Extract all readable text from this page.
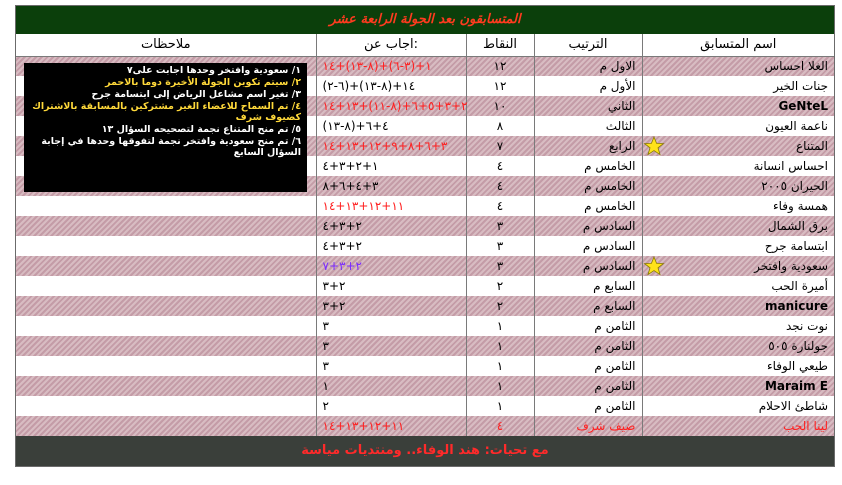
المتسابقون بعد الجولة الرابعة عشر
ملاحظات	اجاب عن:	النقاط	الترتيب	اسم المتسابق
	١+(٣-٦)+(٨-١٣)+١٤	١٢	الاول م	الغلا احساس
	(٦-٢)+(٨-١٣)+١٤	١٢	الأول م	جنات الخير
	٢+٣+٥+٦+(٨-١١)+١٣+١٤	١٠	الثاني	GeNteL
	٤+٦+(٨-١٣)	٨	الثالث	ناعمة العيون
	٣+٦+٨+٩+١٢+١٣+١٤	٧	الرابع	المتناع

	١+٢+٣+٤	٤	الخامس م	احساس انسانة
	٣+٤+٦+٨	٤	الخامس م	الحيران ٢٠٠٥
	١١+١٢+١٣+١٤	٤	الخامس م	همسة وفاء
	٢+٣+٤	٣	السادس م	برق الشمال
	٢+٣+٤	٣	السادس م	ابتسامة جرح
	٢+٣+٧	٣	السادس م	سعودية وافتخر

	٢+٣	٢	السابع م	أميرة الحب
	٢+٣	٢	السابع م	manicure
	٣	١	الثامن م	نوت نجد
	٣	١	الثامن م	جولنارة ٥٠٥
	٣	١	الثامن م	طيعي الوفاء
	١	١	الثامن م	Maraim E
	٢	١	الثامن م	شاطئ الاحلام
	١١+١٢+١٣+١٤	٤	ضيف شرف	لينا الحب
١/ سعودية وافتخر وحدها اجابت على٧
٢/ سيتم تكوين الجولة الأخيرة دوما بالاحمر
٣/ تغير اسم مشاعل الرياض إلى ابتسامة جرح
٤/ تم السماح للاعضاء الغير مشتركين بالمسابقة بالاشتراك كضيوف شرف
٥/ تم منح المتناع نجمة لتصحيحه السؤال ١٣
٦/ تم منح سعودية وافتخر نجمة لتفوقها وحدها في إجابة السؤال السابع
مع تحيات: هند الوفاء.. ومنتديات مياسة
